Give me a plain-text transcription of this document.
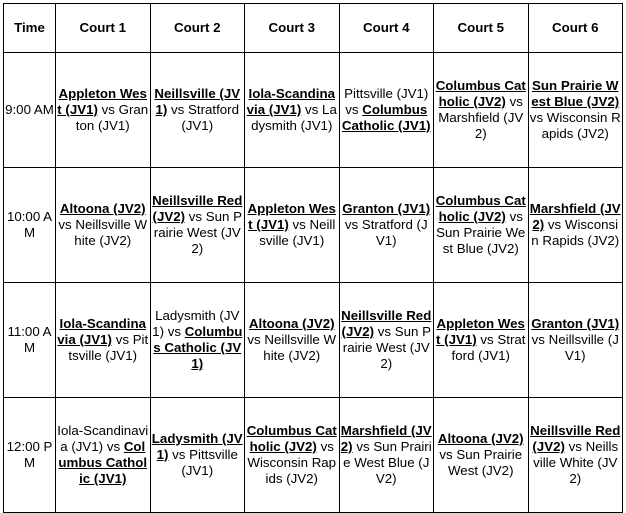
Time	Court 1	Court 2	Court 3	Court 4	Court 5	Court 6
9:00 AM	Appleton West (JV1) vs Granton (JV1)	Neillsville (JV1) vs Stratford (JV1)	Iola-Scandinavia (JV1) vs Ladysmith (JV1)	Pittsville (JV1) vs Columbus Catholic (JV1)	Columbus Catholic (JV2) vs Marshfield (JV2)	Sun Prairie West Blue (JV2) vs Wisconsin Rapids (JV2)
10:00 AM	Altoona (JV2) vs Neillsville White (JV2)	Neillsville Red (JV2) vs Sun Prairie West (JV2)	Appleton West (JV1) vs Neillsville (JV1)	Granton (JV1) vs Stratford (JV1)	Columbus Catholic (JV2) vs Sun Prairie West Blue (JV2)	Marshfield (JV2) vs Wisconsin Rapids (JV2)
11:00 AM	Iola-Scandinavia (JV1) vs Pittsville (JV1)	Ladysmith (JV1) vs Columbus Catholic (JV1)	Altoona (JV2) vs Neillsville White (JV2)	Neillsville Red (JV2) vs Sun Prairie West (JV2)	Appleton West (JV1) vs Stratford (JV1)	Granton (JV1) vs Neillsville (JV1)
12:00 PM	Iola-Scandinavia (JV1) vs Columbus Catholic (JV1)	Ladysmith (JV1) vs Pittsville (JV1)	Columbus Catholic (JV2) vs Wisconsin Rapids (JV2)	Marshfield (JV2) vs Sun Prairie West Blue (JV2)	Altoona (JV2) vs Sun Prairie West (JV2)	Neillsville Red (JV2) vs Neillsville White (JV2)
